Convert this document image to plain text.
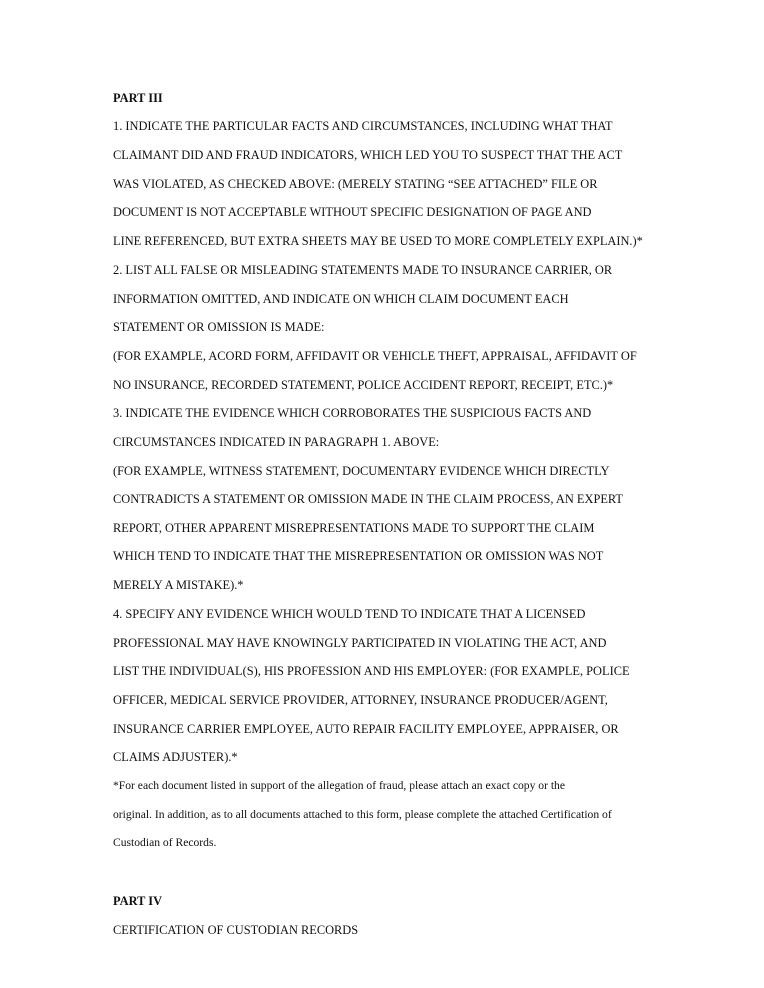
PART III
1. INDICATE THE PARTICULAR FACTS AND CIRCUMSTANCES, INCLUDING WHAT THAT
CLAIMANT DID AND FRAUD INDICATORS, WHICH LED YOU TO SUSPECT THAT THE ACT
WAS VIOLATED, AS CHECKED ABOVE: (MERELY STATING “SEE ATTACHED” FILE OR
DOCUMENT IS NOT ACCEPTABLE WITHOUT SPECIFIC DESIGNATION OF PAGE AND
LINE REFERENCED, BUT EXTRA SHEETS MAY BE USED TO MORE COMPLETELY EXPLAIN.)*
2. LIST ALL FALSE OR MISLEADING STATEMENTS MADE TO INSURANCE CARRIER, OR
INFORMATION OMITTED, AND INDICATE ON WHICH CLAIM DOCUMENT EACH
STATEMENT OR OMISSION IS MADE:
(FOR EXAMPLE, ACORD FORM, AFFIDAVIT OR VEHICLE THEFT, APPRAISAL, AFFIDAVIT OF
NO INSURANCE, RECORDED STATEMENT, POLICE ACCIDENT REPORT, RECEIPT, ETC.)*
3. INDICATE THE EVIDENCE WHICH CORROBORATES THE SUSPICIOUS FACTS AND
CIRCUMSTANCES INDICATED IN PARAGRAPH 1. ABOVE:
(FOR EXAMPLE, WITNESS STATEMENT, DOCUMENTARY EVIDENCE WHICH DIRECTLY
CONTRADICTS A STATEMENT OR OMISSION MADE IN THE CLAIM PROCESS, AN EXPERT
REPORT, OTHER APPARENT MISREPRESENTATIONS MADE TO SUPPORT THE CLAIM
WHICH TEND TO INDICATE THAT THE MISREPRESENTATION OR OMISSION WAS NOT
MERELY A MISTAKE).*
4. SPECIFY ANY EVIDENCE WHICH WOULD TEND TO INDICATE THAT A LICENSED
PROFESSIONAL MAY HAVE KNOWINGLY PARTICIPATED IN VIOLATING THE ACT, AND
LIST THE INDIVIDUAL(S), HIS PROFESSION AND HIS EMPLOYER: (FOR EXAMPLE, POLICE
OFFICER, MEDICAL SERVICE PROVIDER, ATTORNEY, INSURANCE PRODUCER/AGENT,
INSURANCE CARRIER EMPLOYEE, AUTO REPAIR FACILITY EMPLOYEE, APPRAISER, OR
CLAIMS ADJUSTER).*
*For each document listed in support of the allegation of fraud, please attach an exact copy or the
original. In addition, as to all documents attached to this form, please complete the attached Certification of
Custodian of Records.
PART IV
CERTIFICATION OF CUSTODIAN RECORDS
